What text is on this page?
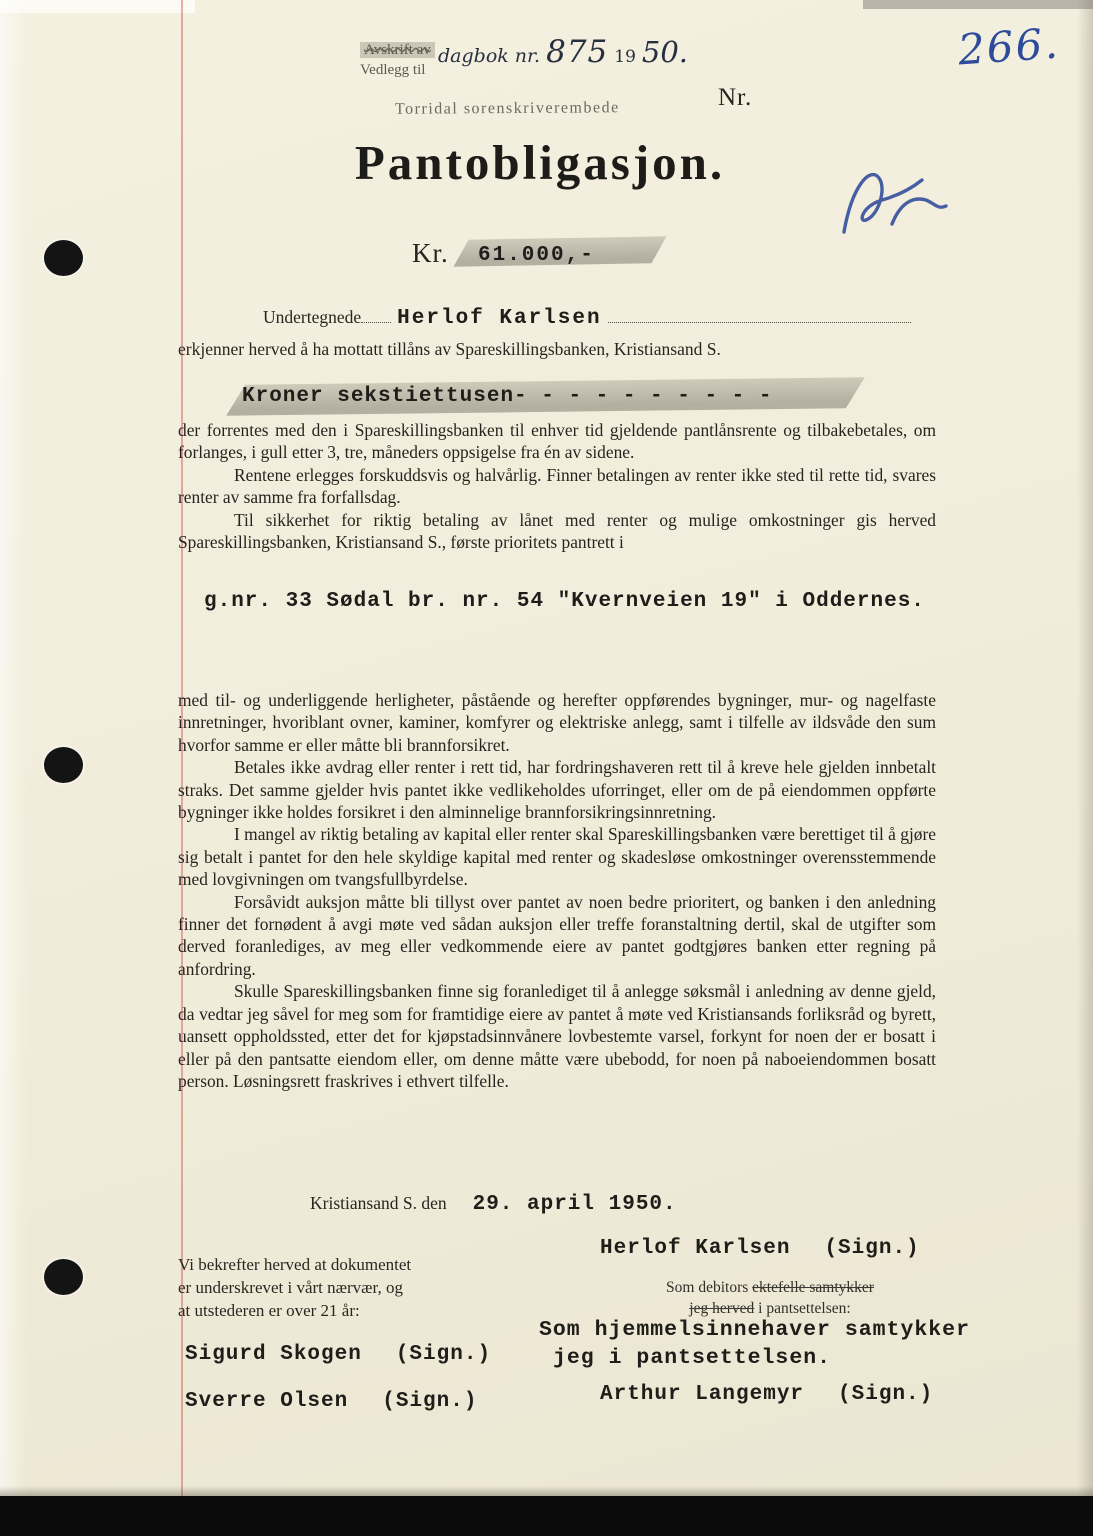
266.
Avskrift av
Vedlegg til
dagbok nr. 875 19 50.
Torridal sorenskriverembede	Nr.
Pantobligasjon.
Kr. 61.000,-
Undertegnede Herlof Karlsen
erkjenner herved å ha mottatt tillåns av Spareskillingsbanken, Kristiansand S.
Kroner sekstiettusen- - - - - - - - - -
der forrentes med den i Spareskillingsbanken til enhver tid gjeldende pantlånsrente og tilbakebetales, om forlanges, i gull etter 3, tre, måneders oppsigelse fra én av sidene.
Rentene erlegges forskuddsvis og halvårlig. Finner betalingen av renter ikke sted til rette tid, svares renter av samme fra forfallsdag.
Til sikkerhet for riktig betaling av lånet med renter og mulige omkostninger gis herved Spareskillingsbanken, Kristiansand S., første prioritets pantrett i
g.nr. 33 Sødal br. nr. 54 "Kvernveien 19" i Oddernes.
med til- og underliggende herligheter, påstående og herefter oppførendes bygninger, mur- og nagelfaste innretninger, hvoriblant ovner, kaminer, komfyrer og elektriske anlegg, samt i tilfelle av ildsvåde den sum hvorfor samme er eller måtte bli brannforsikret.
Betales ikke avdrag eller renter i rett tid, har fordringshaveren rett til å kreve hele gjelden innbetalt straks. Det samme gjelder hvis pantet ikke vedlikeholdes uforringet, eller om de på eiendommen oppførte bygninger ikke holdes forsikret i den alminnelige brannforsikringsinnretning.
I mangel av riktig betaling av kapital eller renter skal Spareskillingsbanken være berettiget til å gjøre sig betalt i pantet for den hele skyldige kapital med renter og skadesløse omkostninger overensstemmende med lovgivningen om tvangsfullbyrdelse.
Forsåvidt auksjon måtte bli tillyst over pantet av noen bedre prioritert, og banken i den anledning finner det fornødent å avgi møte ved sådan auksjon eller treffe foranstaltning dertil, skal de utgifter som derved foranlediges, av meg eller vedkommende eiere av pantet godtgjøres banken etter regning på anfordring.
Skulle Spareskillingsbanken finne sig foranlediget til å anlegge søksmål i anledning av denne gjeld, da vedtar jeg såvel for meg som for framtidige eiere av pantet å møte ved Kristiansands forliksråd og byrett, uansett oppholdssted, etter det for kjøpstadsinnvånere lovbestemte varsel, forkynt for noen der er bosatt i eller på den pantsatte eiendom eller, om denne måtte være ubebodd, for noen på naboeiendommen bosatt person. Løsningsrett fraskrives i ethvert tilfelle.
Kristiansand S. den 29. april 1950.
Herlof Karlsen (Sign.)
Som debitors ektefelle samtykker
jeg herved i pantsettelsen:
Som hjemmelsinnehaver samtykker
jeg i pantsettelsen.
Arthur Langemyr (Sign.)
Vi bekrefter herved at dokumentet
er underskrevet i vårt nærvær, og
at utstederen er over 21 år:
Sigurd Skogen (Sign.)
Sverre Olsen (Sign.)
